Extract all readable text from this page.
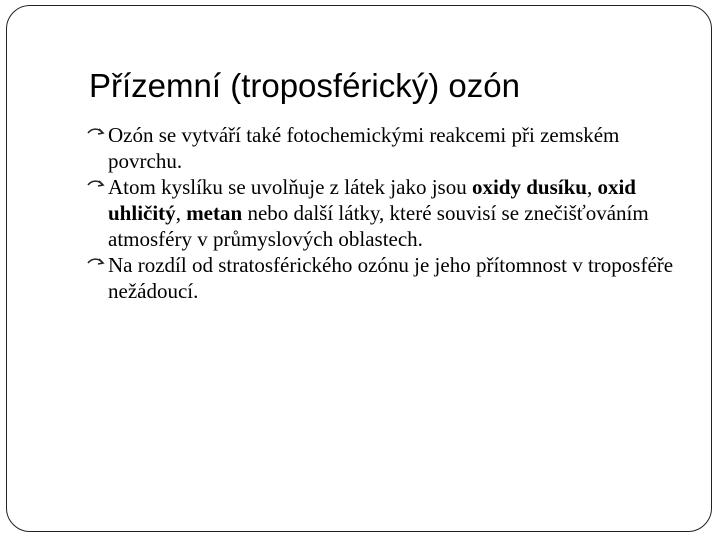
Přízemní (troposférický) ozón
Ozón se vytváří také fotochemickými reakcemi při zemském povrchu.
Atom kyslíku se uvolňuje z látek jako jsou oxidy dusíku, oxid uhličitý, metan nebo další látky, které souvisí se znečišťováním atmosféry v průmyslových oblastech.
Na rozdíl od stratosférického ozónu je jeho přítomnost v troposféře nežádoucí.
